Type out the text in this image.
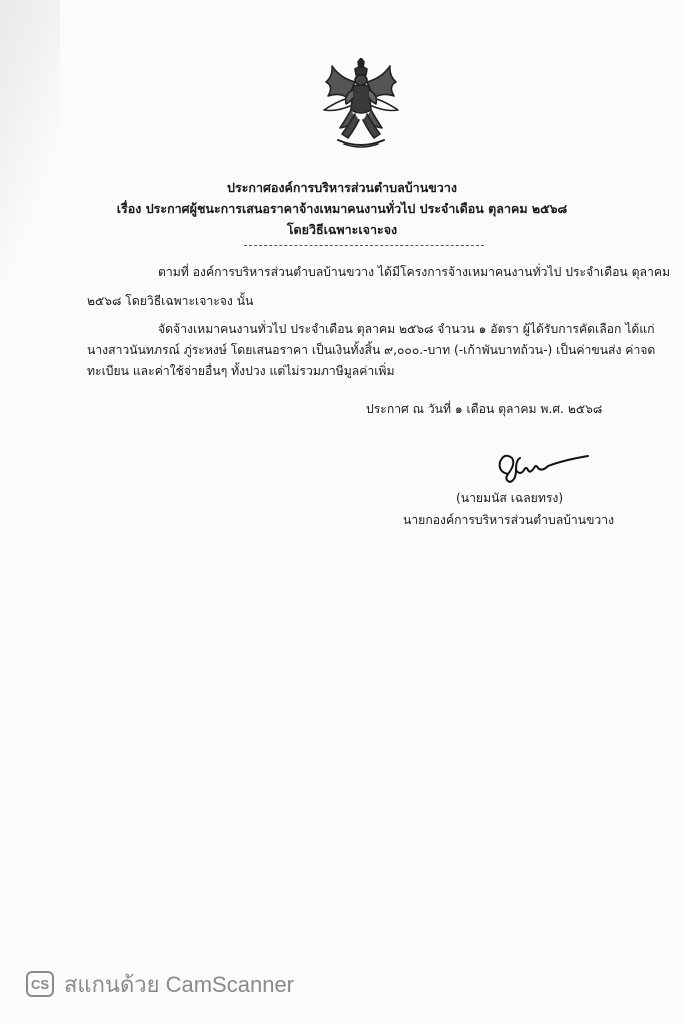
ประกาศองค์การบริหารส่วนตำบลบ้านขวาง
เรื่อง ประกาศผู้ชนะการเสนอราคาจ้างเหมาคนงานทั่วไป ประจำเดือน ตุลาคม ๒๕๖๘
โดยวิธีเฉพาะเจาะจง
ตามที่ องค์การบริหารส่วนตำบลบ้านขวาง ได้มีโครงการจ้างเหมาคนงานทั่วไป ประจำเดือน ตุลาคม
๒๕๖๘ โดยวิธีเฉพาะเจาะจง นั้น
จัดจ้างเหมาคนงานทั่วไป ประจำเดือน ตุลาคม ๒๕๖๘ จำนวน ๑ อัตรา ผู้ได้รับการคัดเลือก ได้แก่
นางสาวนันทภรณ์ ภู่ระหงษ์ โดยเสนอราคา เป็นเงินทั้งสิ้น ๙,๐๐๐.-บาท (-เก้าพันบาทถ้วน-) เป็นค่าขนส่ง ค่าจด
ทะเบียน และค่าใช้จ่ายอื่นๆ ทั้งปวง แต่ไม่รวมภาษีมูลค่าเพิ่ม
ประกาศ ณ วันที่ ๑ เดือน ตุลาคม พ.ศ. ๒๕๖๘
(นายมนัส เฉลยทรง)
นายกองค์การบริหารส่วนตำบลบ้านขวาง
CS สแกนด้วย CamScanner
